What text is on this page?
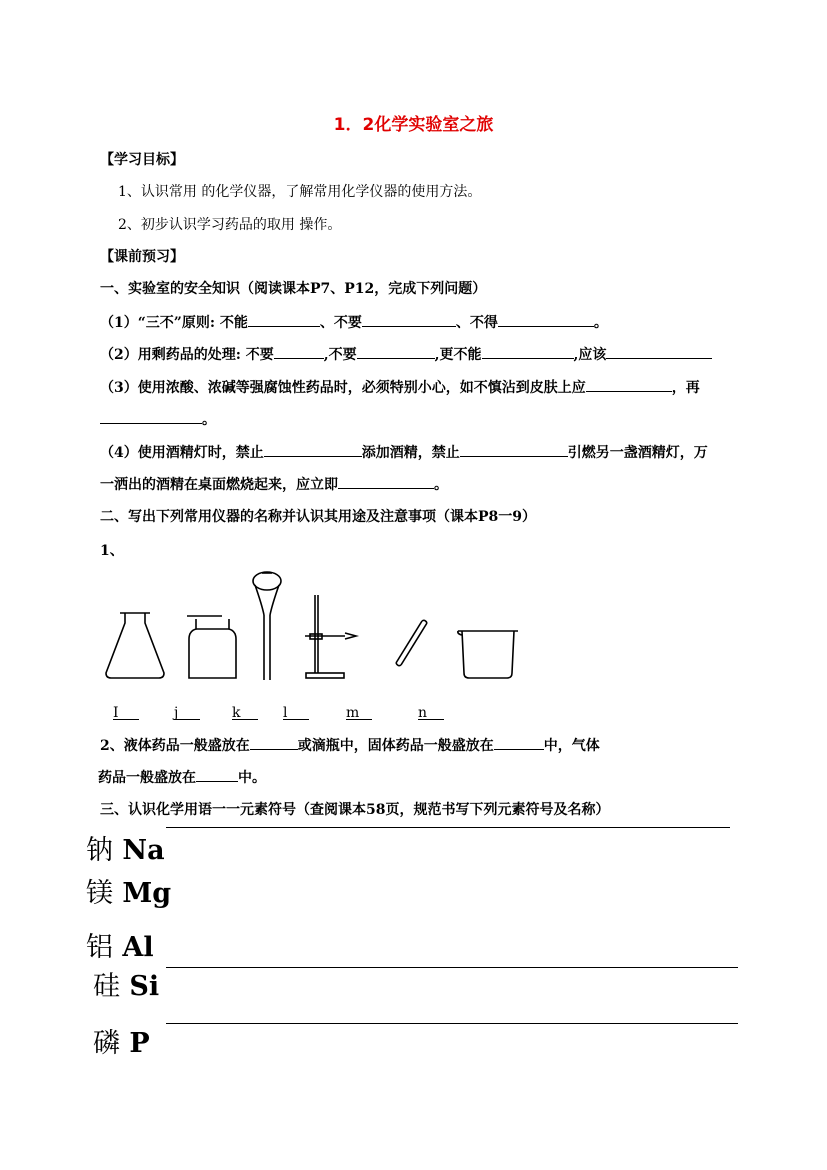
1．2化学实验室之旅
【学习目标】
1、认识常用 的化学仪器，了解常用化学仪器的使用方法。
2、初步认识学习药品的取用 操作。
【课前预习】
一、实验室的安全知识（阅读课本P7、P12，完成下列问题）
（1）“三不”原则: 不能	、不要	、不得	。
（2）用剩药品的处理: 不要	,不要	,更不能	,应该
（3）使用浓酸、浓碱等强腐蚀性药品时，必须特别小心，如不慎沾到皮肤上应	，再
。
（4）使用酒精灯时，禁止	添加酒精，禁止	引燃另一盏酒精灯，万
一洒出的酒精在桌面燃烧起来，应立即	。
二、写出下列常用仪器的名称并认识其用途及注意事项（课本P8一9）
1、
I	j	k	l	m	n
2、液体药品一般盛放在	或滴瓶中，固体药品一般盛放在	中，气体
药品一般盛放在	中。
三、认识化学用语一一元素符号（查阅课本58页，规范书写下列元素符号及名称）
钠 Na
镁 Mg
铝 Al
硅 Si
磷 P
